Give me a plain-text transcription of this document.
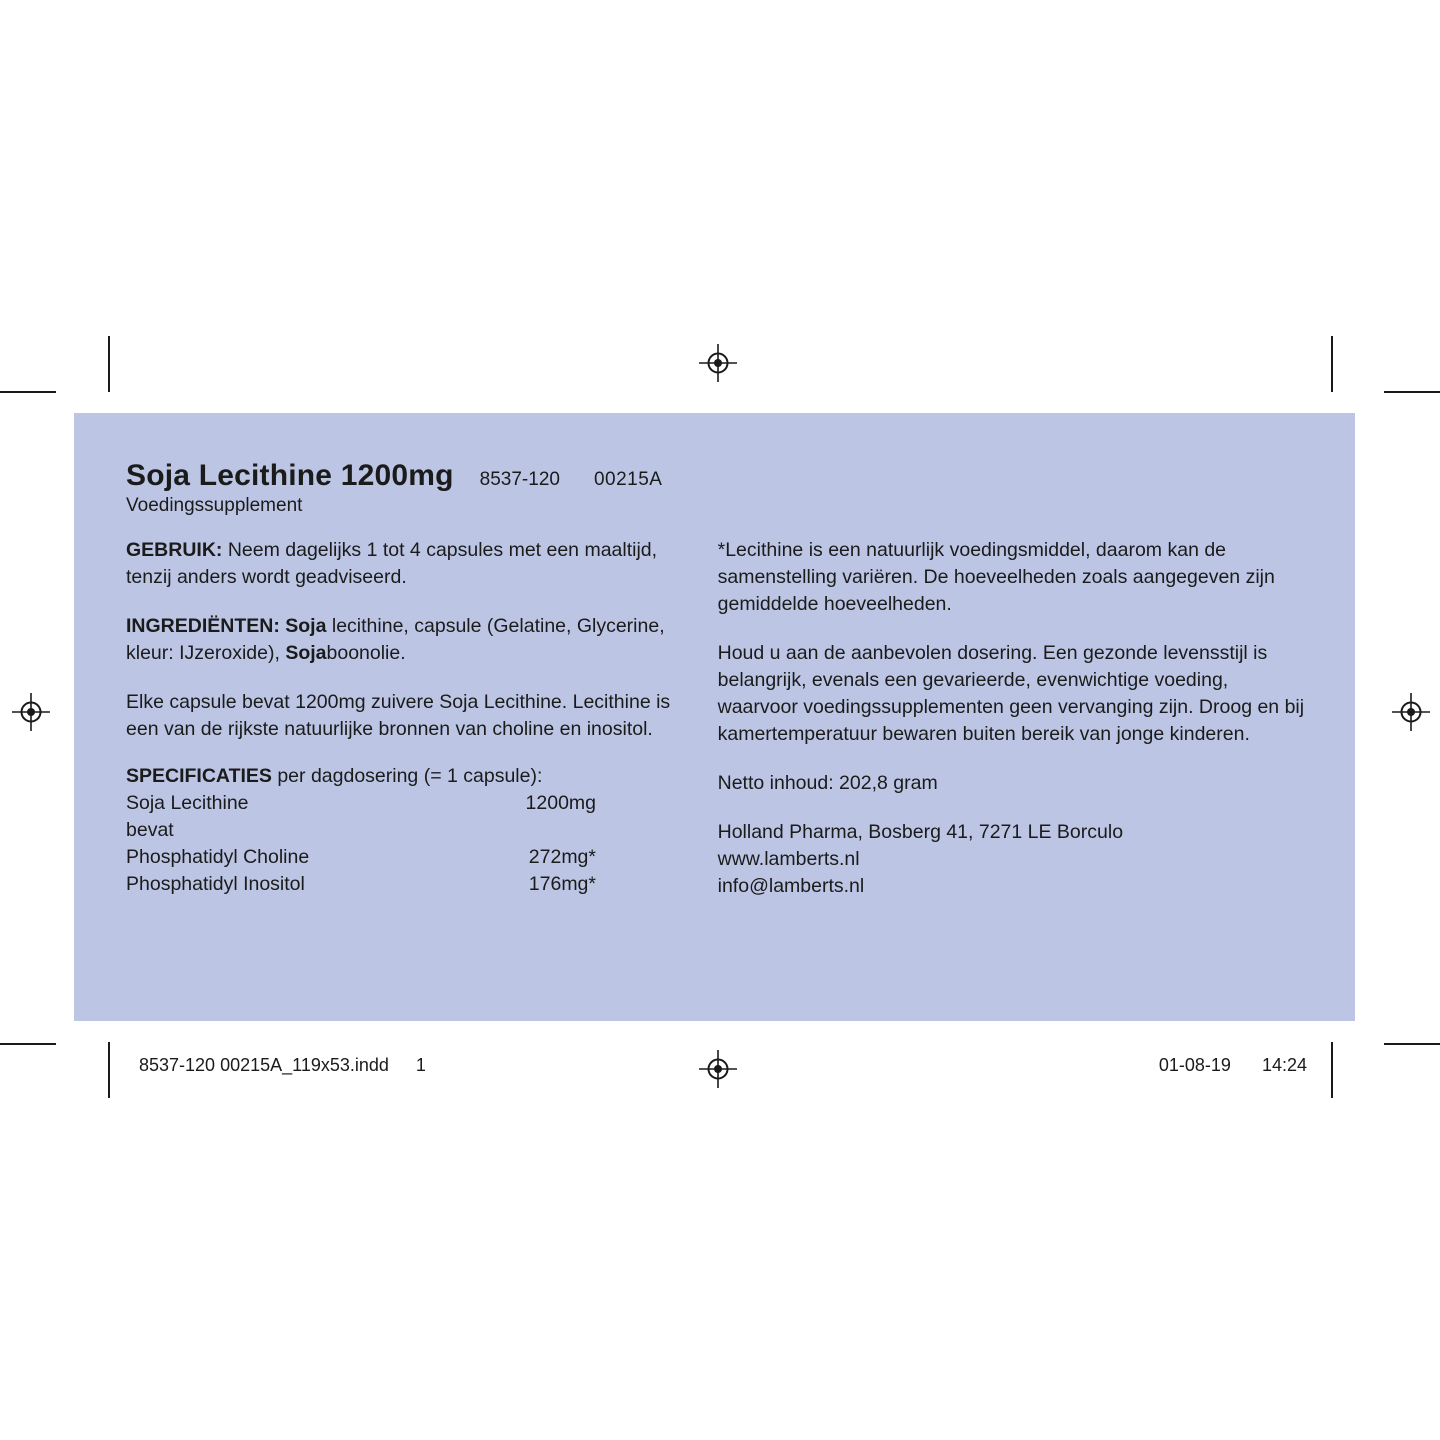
Soja Lecithine 1200mg 8537-120 00215A
Voedingssupplement

GEBRUIK: Neem dagelijks 1 tot 4 capsules met een maaltijd, tenzij anders wordt geadviseerd.

INGREDIËNTEN: Soja lecithine, capsule (Gelatine, Glycerine, kleur: IJzeroxide), Sojaboonolie.

Elke capsule bevat 1200mg zuivere Soja Lecithine. Lecithine is een van de rijkste natuurlijke bronnen van choline en inositol.

SPECIFICATIES per dagdosering (= 1 capsule):
Soja Lecithine	1200mg
bevat	
Phosphatidyl Choline	272mg*
Phosphatidyl Inositol	176mg*

*Lecithine is een natuurlijk voedingsmiddel, daarom kan de samenstelling variëren. De hoeveelheden zoals aangegeven zijn gemiddelde hoeveelheden.

Houd u aan de aanbevolen dosering. Een gezonde levensstijl is belangrijk, evenals een gevarieerde, evenwichtige voeding, waarvoor voedingssupplementen geen vervanging zijn. Droog en bij kamertemperatuur bewaren buiten bereik van jonge kinderen.

Netto inhoud: 202,8 gram

Holland Pharma, Bosberg 41, 7271 LE Borculo
www.lamberts.nl
info@lamberts.nl

8537-120 00215A_119x53.indd 1	01-08-19 14:24
